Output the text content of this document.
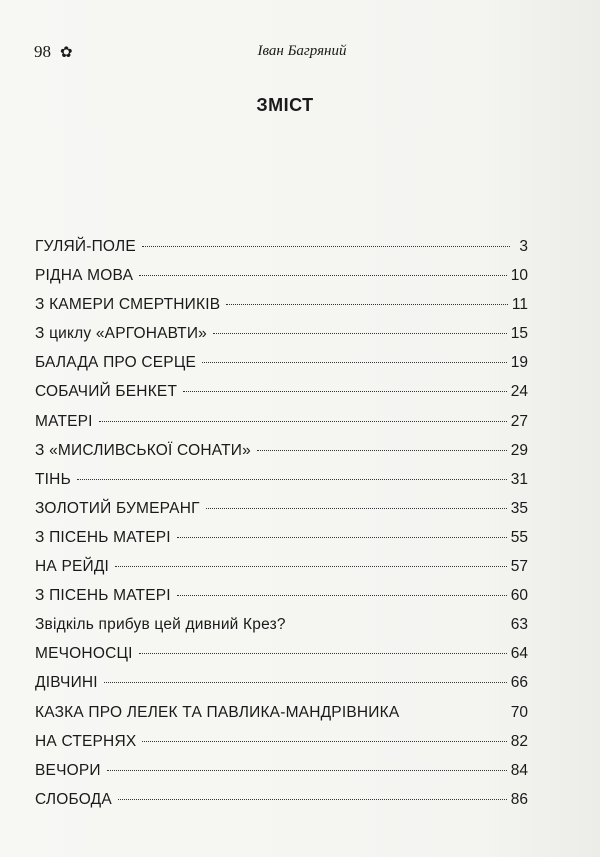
98 ✿	Іван Багряний
ЗМІСТ
ГУЛЯЙ-ПОЛЕ	3
РІДНА МОВА	10
З КАМЕРИ СМЕРТНИКІВ	11
З циклу «АРГОНАВТИ»	15
БАЛАДА ПРО СЕРЦЕ	19
СОБАЧИЙ БЕНКЕТ	24
МАТЕРІ	27
З «МИСЛИВСЬКОЇ СОНАТИ»	29
ТІНЬ	31
ЗОЛОТИЙ БУМЕРАНГ	35
З ПІСЕНЬ МАТЕРІ	55
НА РЕЙДІ	57
З ПІСЕНЬ МАТЕРІ	60
Звідкіль прибув цей дивний Крез?	63
МЕЧОНОСЦІ	64
ДІВЧИНІ	66
КАЗКА ПРО ЛЕЛЕК ТА ПАВЛИКА-МАНДРІВНИКА	70
НА СТЕРНЯХ	82
ВЕЧОРИ	84
СЛОБОДА	86
